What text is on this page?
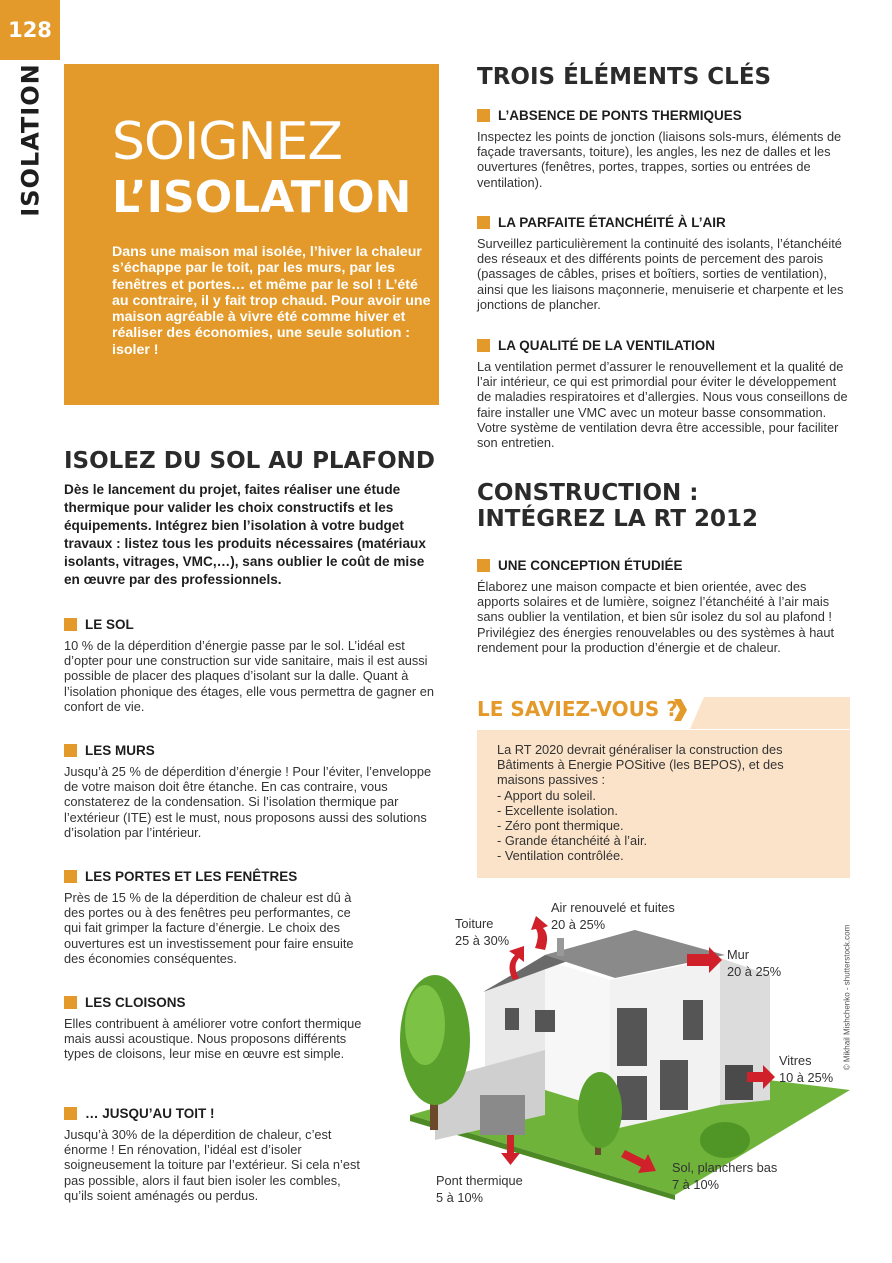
128
ISOLATION SOIGNEZ
L’ISOLATION

Dans une maison mal isolée, l’hiver la chaleur s’échappe par le toit, par les murs, par les fenêtres et portes… et même par le sol ! L’été au contraire, il y fait trop chaud. Pour avoir une maison agréable à vivre été comme hiver et réaliser des économies, une seule solution : isoler !

ISOLEZ DU SOL AU PLAFOND

Dès le lancement du projet, faites réaliser une étude thermique pour valider les choix constructifs et les équipements. Intégrez bien l’isolation à votre budget travaux : listez tous les produits nécessaires (matériaux isolants, vitrages, VMC,…), sans oublier le coût de mise en œuvre par des professionnels.

LE SOL

10 % de la déperdition d’énergie passe par le sol. L’idéal est d’opter pour une construction sur vide sanitaire, mais il est aussi possible de placer des plaques d’isolant sur la dalle. Quant à l’isolation phonique des étages, elle vous permettra de gagner en confort de vie.

LES MURS

Jusqu’à 25 % de déperdition d’énergie ! Pour l’éviter, l’enveloppe de votre maison doit être étanche. En cas contraire, vous constaterez de la condensation. Si l’isolation thermique par l’extérieur (ITE) est le must, nous proposons aussi des solutions d’isolation par l’intérieur.

LES PORTES ET LES FENÊTRES

Près de 15 % de la déperdition de chaleur est dû à des portes ou à des fenêtres peu performantes, ce qui fait grimper la facture d’énergie. Le choix des ouvertures est un investissement pour faire ensuite des économies conséquentes.

LES CLOISONS

Elles contribuent à améliorer votre confort thermique mais aussi acoustique. Nous proposons différents types de cloisons, leur mise en œuvre est simple.

… JUSQU’AU TOIT !

Jusqu’à 30% de la déperdition de chaleur, c’est énorme ! En rénovation, l’idéal est d’isoler soigneusement la toiture par l’extérieur. Si cela n’est pas possible, alors il faut bien isoler les combles, qu’ils soient aménagés ou perdus.

TROIS ÉLÉMENTS CLÉS
L’ABSENCE DE PONTS THERMIQUES

Inspectez les points de jonction (liaisons sols-murs, éléments de façade traversants, toiture), les angles, les nez de dalles et les ouvertures (fenêtres, portes, trappes, sorties ou entrées de ventilation).

LA PARFAITE ÉTANCHÉITÉ À L’AIR

Surveillez particulièrement la continuité des isolants, l’étanchéité des réseaux et des différents points de percement des parois (passages de câbles, prises et boîtiers, sorties de ventilation), ainsi que les liaisons maçonnerie, menuiserie et charpente et les jonctions de plancher.

LA QUALITÉ DE LA VENTILATION

La ventilation permet d’assurer le renouvellement et la qualité de l’air intérieur, ce qui est primordial pour éviter le développement de maladies respiratoires et d’allergies. Nous vous conseillons de faire installer une VMC avec un moteur basse consommation. Votre système de ventilation devra être accessible, pour faciliter son entretien.

CONSTRUCTION :
INTÉGREZ LA RT 2012
UNE CONCEPTION ÉTUDIÉE

Élaborez une maison compacte et bien orientée, avec des apports solaires et de lumière, soignez l’étanchéité à l’air mais sans oublier la ventilation, et bien sûr isolez du sol au plafond ! Privilégiez des énergies renouvelables ou des systèmes à haut rendement pour la production d’énergie et de chaleur.

LE SAVIEZ-VOUS ?

La RT 2020 devrait généraliser la construction des Bâtiments à Energie POSitive (les BEPOS), et des maisons passives :

- Apport du soleil.
- Excellente isolation.
- Zéro pont thermique.
- Grande étanchéité à l’air.
- Ventilation contrôlée.
Toiture
25 à 30%
Air renouvelé et fuites
20 à 25%
Mur
20 à 25%
Vitres
10 à 25%
Sol, planchers bas
7 à 10%
Pont thermique
5 à 10%
© Mikhail Mishchenko - shutterstock.com
